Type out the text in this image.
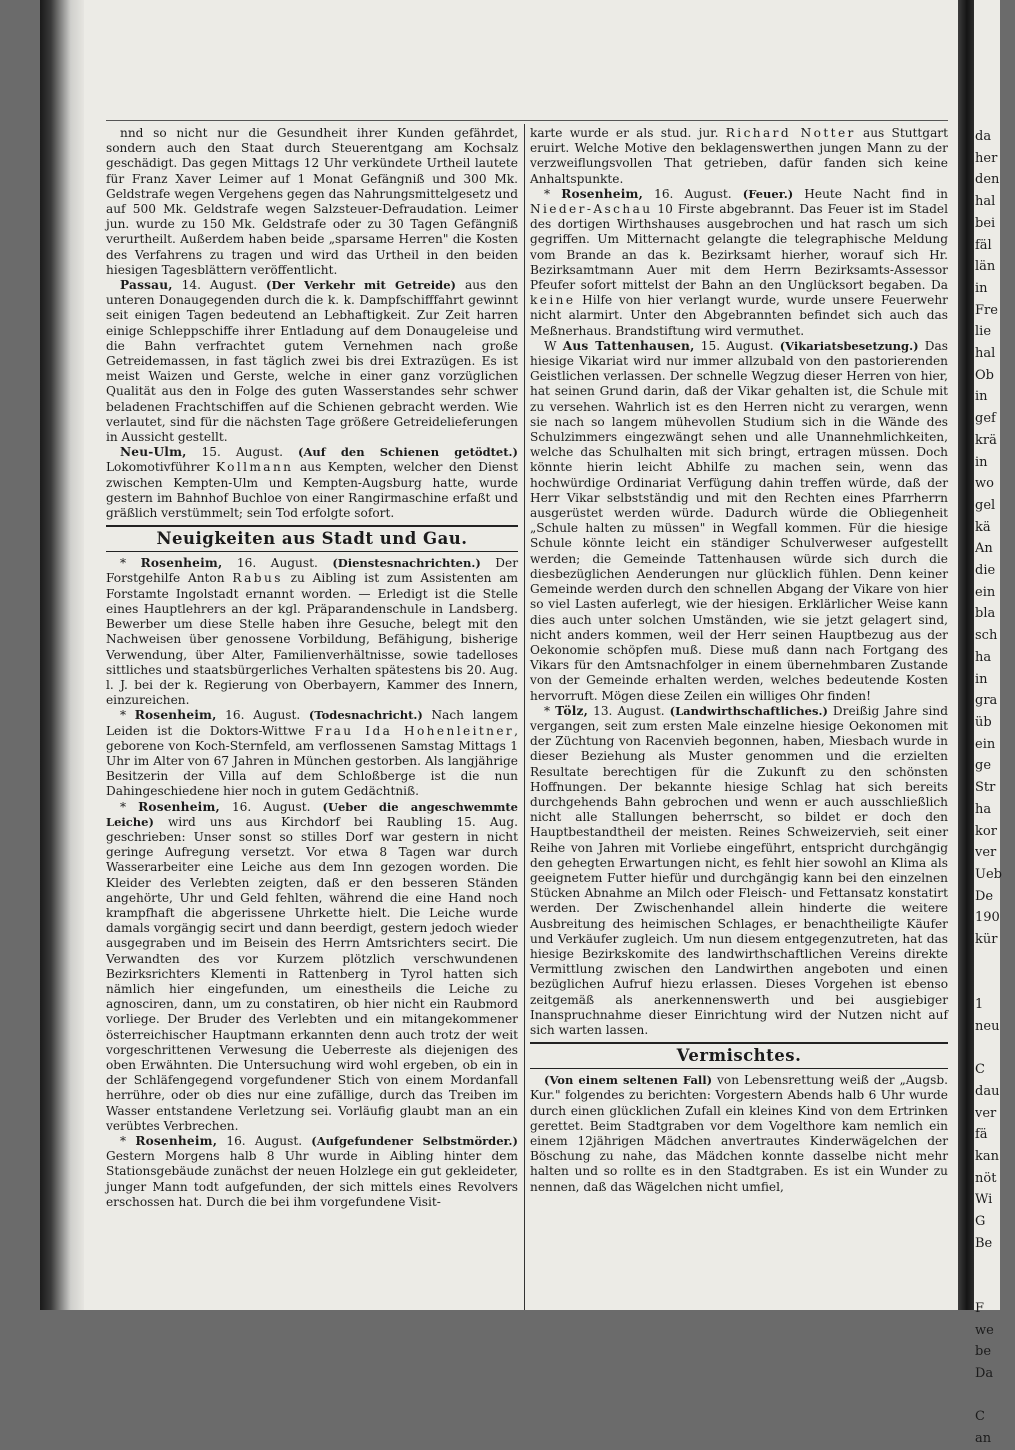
nnd so nicht nur die Gesundheit ihrer Kunden gefährdet, sondern auch den Staat durch Steuerentgang am Kochsalz geschädigt. Das gegen Mittags 12 Uhr verkündete Urtheil lautete für Franz Xaver Leimer auf 1 Monat Gefängniß und 300 Mk. Geldstrafe wegen Vergehens gegen das Nahrungsmittelgesetz und auf 500 Mk. Geldstrafe wegen Salzsteuer-Defraudation. Leimer jun. wurde zu 150 Mk. Geldstrafe oder zu 30 Tagen Gefängniß verurtheilt. Außerdem haben beide „sparsame Herren" die Kosten des Verfahrens zu tragen und wird das Urtheil in den beiden hiesigen Tagesblättern veröffentlicht.

Passau, 14. August. (Der Verkehr mit Getreide) aus den unteren Donaugegenden durch die k. k. Dampfschifffahrt gewinnt seit einigen Tagen bedeutend an Lebhaftigkeit. Zur Zeit harren einige Schleppschiffe ihrer Entladung auf dem Donaugeleise und die Bahn verfrachtet gutem Vernehmen nach große Getreidemassen, in fast täglich zwei bis drei Extrazügen. Es ist meist Waizen und Gerste, welche in einer ganz vorzüglichen Qualität aus den in Folge des guten Wasserstandes sehr schwer beladenen Frachtschiffen auf die Schienen gebracht werden. Wie verlautet, sind für die nächsten Tage größere Getreidelieferungen in Aussicht gestellt.

Neu-Ulm, 15. August. (Auf den Schienen getödtet.) Lokomotivführer Kollmann aus Kempten, welcher den Dienst zwischen Kempten-Ulm und Kempten-Augsburg hatte, wurde gestern im Bahnhof Buchloe von einer Rangirmaschine erfaßt und gräßlich verstümmelt; sein Tod erfolgte sofort.

Neuigkeiten aus Stadt und Gau.

* Rosenheim, 16. August. (Dienstesnachrichten.) Der Forstgehilfe Anton Rabus zu Aibling ist zum Assistenten am Forstamte Ingolstadt ernannt worden. — Erledigt ist die Stelle eines Hauptlehrers an der kgl. Präparandenschule in Landsberg. Bewerber um diese Stelle haben ihre Gesuche, belegt mit den Nachweisen über genossene Vorbildung, Befähigung, bisherige Verwendung, über Alter, Familienverhältnisse, sowie tadelloses sittliches und staatsbürgerliches Verhalten spätestens bis 20. Aug. l. J. bei der k. Regierung von Oberbayern, Kammer des Innern, einzureichen.

* Rosenheim, 16. August. (Todesnachricht.) Nach langem Leiden ist die Doktors-Wittwe Frau Ida Hohenleitner, geborene von Koch-Sternfeld, am verflossenen Samstag Mittags 1 Uhr im Alter von 67 Jahren in München gestorben. Als langjährige Besitzerin der Villa auf dem Schloßberge ist die nun Dahingeschiedene hier noch in gutem Gedächtniß.

* Rosenheim, 16. August. (Ueber die angeschwemmte Leiche) wird uns aus Kirchdorf bei Raubling 15. Aug. geschrieben: Unser sonst so stilles Dorf war gestern in nicht geringe Aufregung versetzt. Vor etwa 8 Tagen war durch Wasserarbeiter eine Leiche aus dem Inn gezogen worden. Die Kleider des Verlebten zeigten, daß er den besseren Ständen angehörte, Uhr und Geld fehlten, während die eine Hand noch krampfhaft die abgerissene Uhrkette hielt. Die Leiche wurde damals vorgängig secirt und dann beerdigt, gestern jedoch wieder ausgegraben und im Beisein des Herrn Amtsrichters secirt. Die Verwandten des vor Kurzem plötzlich verschwundenen Bezirksrichters Klementi in Rattenberg in Tyrol hatten sich nämlich hier eingefunden, um einestheils die Leiche zu agnosciren, dann, um zu constatiren, ob hier nicht ein Raubmord vorliege. Der Bruder des Verlebten und ein mitangekommener österreichischer Hauptmann erkannten denn auch trotz der weit vorgeschrittenen Verwesung die Ueberreste als diejenigen des oben Erwähnten. Die Untersuchung wird wohl ergeben, ob ein in der Schläfengegend vorgefundener Stich von einem Mordanfall herrühre, oder ob dies nur eine zufällige, durch das Treiben im Wasser entstandene Verletzung sei. Vorläufig glaubt man an ein verübtes Verbrechen.

* Rosenheim, 16. August. (Aufgefundener Selbstmörder.) Gestern Morgens halb 8 Uhr wurde in Aibling hinter dem Stationsgebäude zunächst der neuen Holzlege ein gut gekleideter, junger Mann todt aufgefunden, der sich mittels eines Revolvers erschossen hat. Durch die bei ihm vorgefundene Visit-

karte wurde er als stud. jur. Richard Notter aus Stuttgart eruirt. Welche Motive den beklagenswerthen jungen Mann zu der verzweiflungsvollen That getrieben, dafür fanden sich keine Anhaltspunkte.

* Rosenheim, 16. August. (Feuer.) Heute Nacht find in Nieder-Aschau 10 Firste abgebrannt. Das Feuer ist im Stadel des dortigen Wirthshauses ausgebrochen und hat rasch um sich gegriffen. Um Mitternacht gelangte die telegraphische Meldung vom Brande an das k. Bezirksamt hierher, worauf sich Hr. Bezirksamtmann Auer mit dem Herrn Bezirksamts-Assessor Pfeufer sofort mittelst der Bahn an den Unglücksort begaben. Da keine Hilfe von hier verlangt wurde, wurde unsere Feuerwehr nicht alarmirt. Unter den Abgebrannten befindet sich auch das Meßnerhaus. Brandstiftung wird vermuthet.

W Aus Tattenhausen, 15. August. (Vikariatsbesetzung.) Das hiesige Vikariat wird nur immer allzubald von den pastorierenden Geistlichen verlassen. Der schnelle Wegzug dieser Herren von hier, hat seinen Grund darin, daß der Vikar gehalten ist, die Schule mit zu versehen. Wahrlich ist es den Herren nicht zu verargen, wenn sie nach so langem mühevollen Studium sich in die Wände des Schulzimmers eingezwängt sehen und alle Unannehmlichkeiten, welche das Schulhalten mit sich bringt, ertragen müssen. Doch könnte hierin leicht Abhilfe zu machen sein, wenn das hochwürdige Ordinariat Verfügung dahin treffen würde, daß der Herr Vikar selbstständig und mit den Rechten eines Pfarrherrn ausgerüstet werden würde. Dadurch würde die Obliegenheit „Schule halten zu müssen" in Wegfall kommen. Für die hiesige Schule könnte leicht ein ständiger Schulverweser aufgestellt werden; die Gemeinde Tattenhausen würde sich durch die diesbezüglichen Aenderungen nur glücklich fühlen. Denn keiner Gemeinde werden durch den schnellen Abgang der Vikare von hier so viel Lasten auferlegt, wie der hiesigen. Erklärlicher Weise kann dies auch unter solchen Umständen, wie sie jetzt gelagert sind, nicht anders kommen, weil der Herr seinen Hauptbezug aus der Oekonomie schöpfen muß. Diese muß dann nach Fortgang des Vikars für den Amtsnachfolger in einem übernehmbaren Zustande von der Gemeinde erhalten werden, welches bedeutende Kosten hervorruft. Mögen diese Zeilen ein williges Ohr finden!

* Tölz, 13. August. (Landwirthschaftliches.) Dreißig Jahre sind vergangen, seit zum ersten Male einzelne hiesige Oekonomen mit der Züchtung von Racenvieh begonnen, haben, Miesbach wurde in dieser Beziehung als Muster genommen und die erzielten Resultate berechtigen für die Zukunft zu den schönsten Hoffnungen. Der bekannte hiesige Schlag hat sich bereits durchgehends Bahn gebrochen und wenn er auch ausschließlich nicht alle Stallungen beherrscht, so bildet er doch den Hauptbestandtheil der meisten. Reines Schweizervieh, seit einer Reihe von Jahren mit Vorliebe eingeführt, entspricht durchgängig den gehegten Erwartungen nicht, es fehlt hier sowohl an Klima als geeignetem Futter hiefür und durchgängig kann bei den einzelnen Stücken Abnahme an Milch oder Fleisch- und Fettansatz konstatirt werden. Der Zwischenhandel allein hinderte die weitere Ausbreitung des heimischen Schlages, er benachtheiligte Käufer und Verkäufer zugleich. Um nun diesem entgegenzutreten, hat das hiesige Bezirkskomite des landwirthschaftlichen Vereins direkte Vermittlung zwischen den Landwirthen angeboten und einen bezüglichen Aufruf hiezu erlassen. Dieses Vorgehen ist ebenso zeitgemäß als anerkennenswerth und bei ausgiebiger Inanspruchnahme dieser Einrichtung wird der Nutzen nicht auf sich warten lassen.

Vermischtes.

(Von einem seltenen Fall) von Lebensrettung weiß der „Augsb. Kur." folgendes zu berichten: Vorgestern Abends halb 6 Uhr wurde durch einen glücklichen Zufall ein kleines Kind von dem Ertrinken gerettet. Beim Stadtgraben vor dem Vogelthore kam nemlich ein einem 12jährigen Mädchen anvertrautes Kinderwägelchen der Böschung zu nahe, das Mädchen konnte dasselbe nicht mehr halten und so rollte es in den Stadtgraben. Es ist ein Wunder zu nennen, daß das Wägelchen nicht umfiel,

da
her
den
hal
bei
fäl
län
in
Fre
lie
hal
Ob
in
gef
krä
in
wo
gel
kä
An
die
ein
bla
sch
ha
in
gra
üb
ein
ge
Str
ha
kor
ver
Ueb
De
190
kür

1
neu

C
dau
ver
fä
kan
nöt
Wi
G
Be

F
we
be
Da

C
an
